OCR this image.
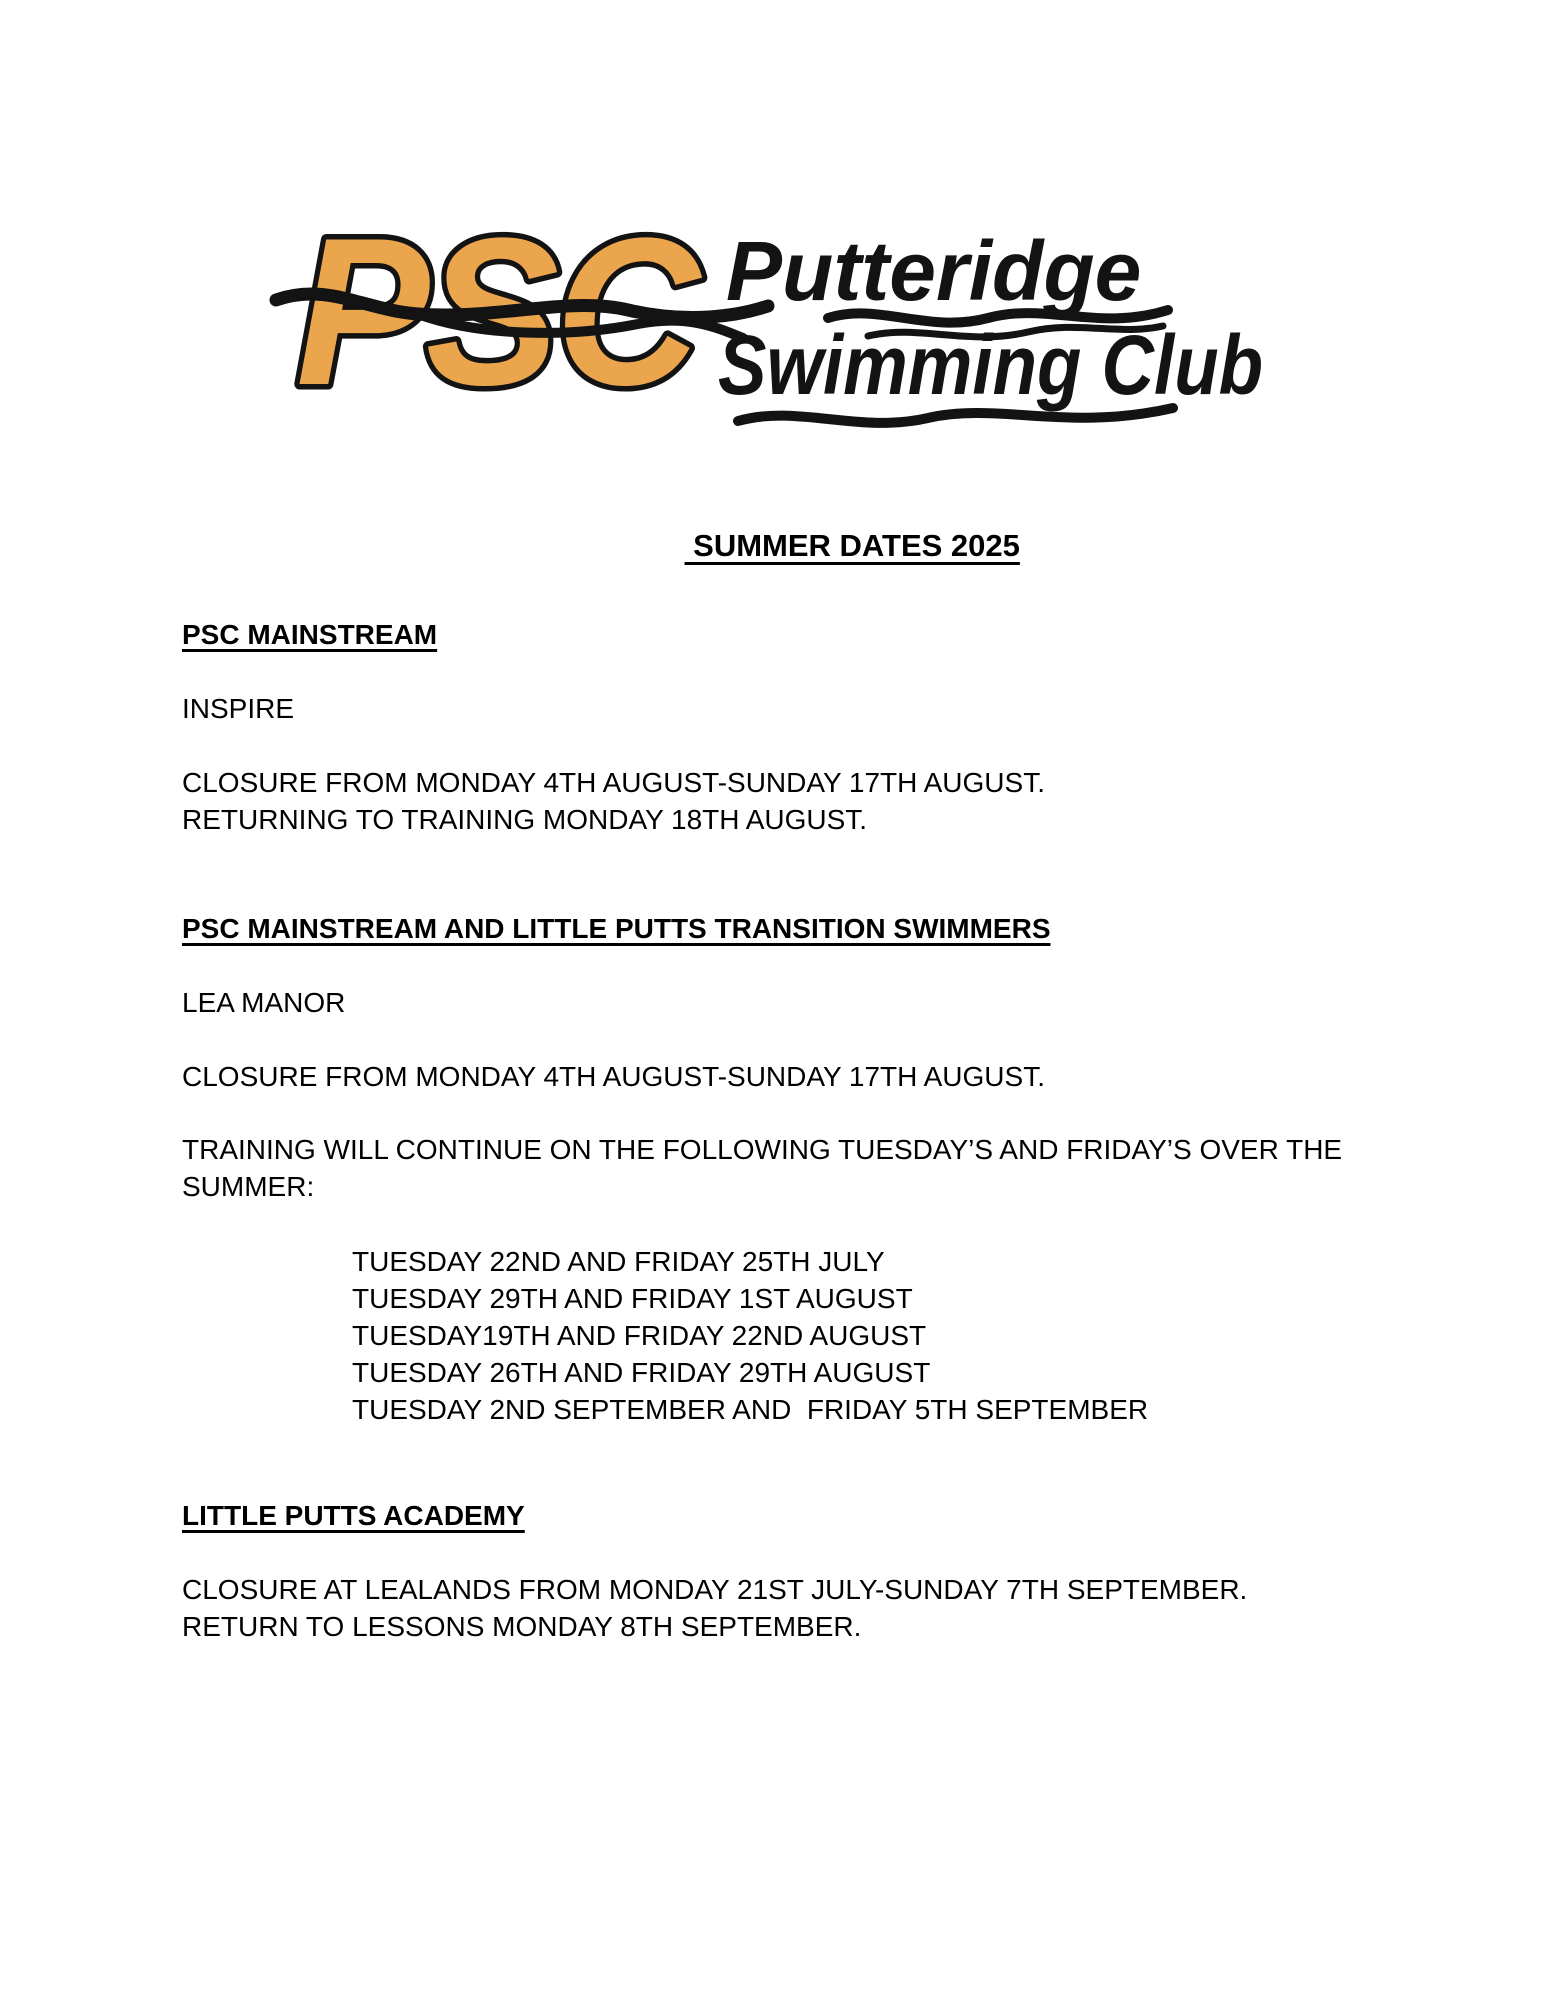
PSC Putteridge
Swimming Club

SUMMER DATES 2025

PSC MAINSTREAM
INSPIRE
CLOSURE FROM MONDAY 4TH AUGUST-SUNDAY 17TH AUGUST.
RETURNING TO TRAINING MONDAY 18TH AUGUST.
PSC MAINSTREAM AND LITTLE PUTTS TRANSITION SWIMMERS
LEA MANOR
CLOSURE FROM MONDAY 4TH AUGUST-SUNDAY 17TH AUGUST.
TRAINING WILL CONTINUE ON THE FOLLOWING TUESDAY’S AND FRIDAY’S OVER THE
SUMMER:
TUESDAY 22ND AND FRIDAY 25TH JULY
TUESDAY 29TH AND FRIDAY 1ST AUGUST
TUESDAY19TH AND FRIDAY 22ND AUGUST
TUESDAY 26TH AND FRIDAY 29TH AUGUST
TUESDAY 2ND SEPTEMBER AND  FRIDAY 5TH SEPTEMBER
LITTLE PUTTS ACADEMY
CLOSURE AT LEALANDS FROM MONDAY 21ST JULY-SUNDAY 7TH SEPTEMBER.
RETURN TO LESSONS MONDAY 8TH SEPTEMBER.
